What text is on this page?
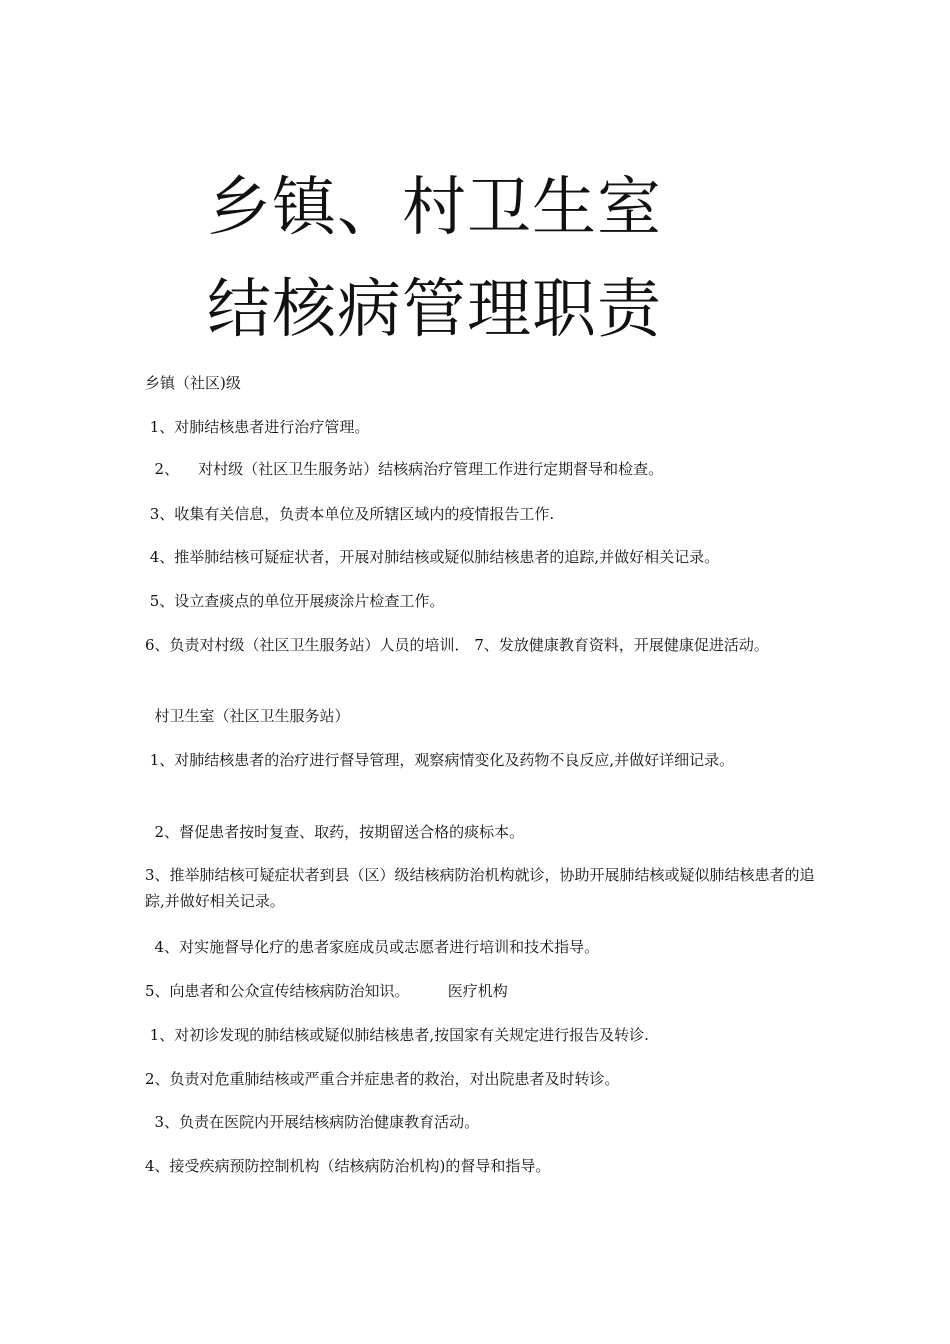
乡镇、村卫生室
结核病管理职责

乡镇（社区)级

1、对肺结核患者进行治疗管理。

2、    对村级（社区卫生服务站）结核病治疗管理工作进行定期督导和检查。

3、收集有关信息，负责本单位及所辖区域内的疫情报告工作.

4、推举肺结核可疑症状者，开展对肺结核或疑似肺结核患者的追踪,并做好相关记录。

5、设立查痰点的单位开展痰涂片检查工作。

6、负责对村级（社区卫生服务站）人员的培训． 7、发放健康教育资料，开展健康促进活动。

村卫生室（社区卫生服务站）

1、对肺结核患者的治疗进行督导管理，观察病情变化及药物不良反应,并做好详细记录。

2、督促患者按时复查、取药，按期留送合格的痰标本。

3、推举肺结核可疑症状者到县（区）级结核病防治机构就诊，协助开展肺结核或疑似肺结核患者的追踪,并做好相关记录。

4、对实施督导化疗的患者家庭成员或志愿者进行培训和技术指导。

5、向患者和公众宣传结核病防治知识。        医疗机构

1、对初诊发现的肺结核或疑似肺结核患者,按国家有关规定进行报告及转诊.

2、负责对危重肺结核或严重合并症患者的救治，对出院患者及时转诊。

3、负责在医院内开展结核病防治健康教育活动。

4、接受疾病预防控制机构（结核病防治机构)的督导和指导。
